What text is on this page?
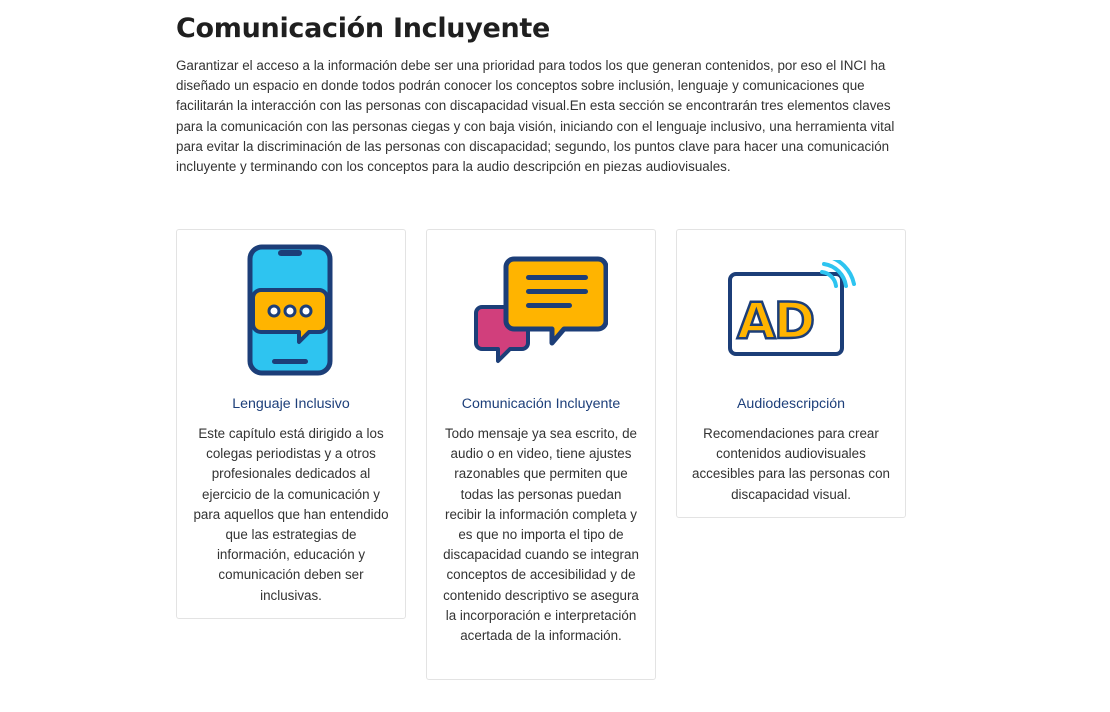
Comunicación Incluyente

Garantizar el acceso a la información debe ser una prioridad para todos los que generan contenidos, por eso el INCI ha diseñado un espacio en donde todos podrán conocer los conceptos sobre inclusión, lenguaje y comunicaciones que facilitarán la interacción con las personas con discapacidad visual.En esta sección se encontrarán tres elementos claves para la comunicación con las personas ciegas y con baja visión, iniciando con el lenguaje inclusivo, una herramienta vital para evitar la discriminación de las personas con discapacidad; segundo, los puntos clave para hacer una comunicación incluyente y terminando con los conceptos para la audio descripción en piezas audiovisuales.

Lenguaje Inclusivo

Este capítulo está dirigido a los colegas periodistas y a otros profesionales dedicados al ejercicio de la comunicación y para aquellos que han entendido que las estrategias de información, educación y comunicación deben ser inclusivas.

Comunicación Incluyente

Todo mensaje ya sea escrito, de audio o en video, tiene ajustes razonables que permiten que todas las personas puedan recibir la información completa y es que no importa el tipo de discapacidad cuando se integran conceptos de accesibilidad y de contenido descriptivo se asegura la incorporación e interpretación acertada de la información.

AD
Audiodescripción

Recomendaciones para crear contenidos audiovisuales accesibles para las personas con discapacidad visual.
